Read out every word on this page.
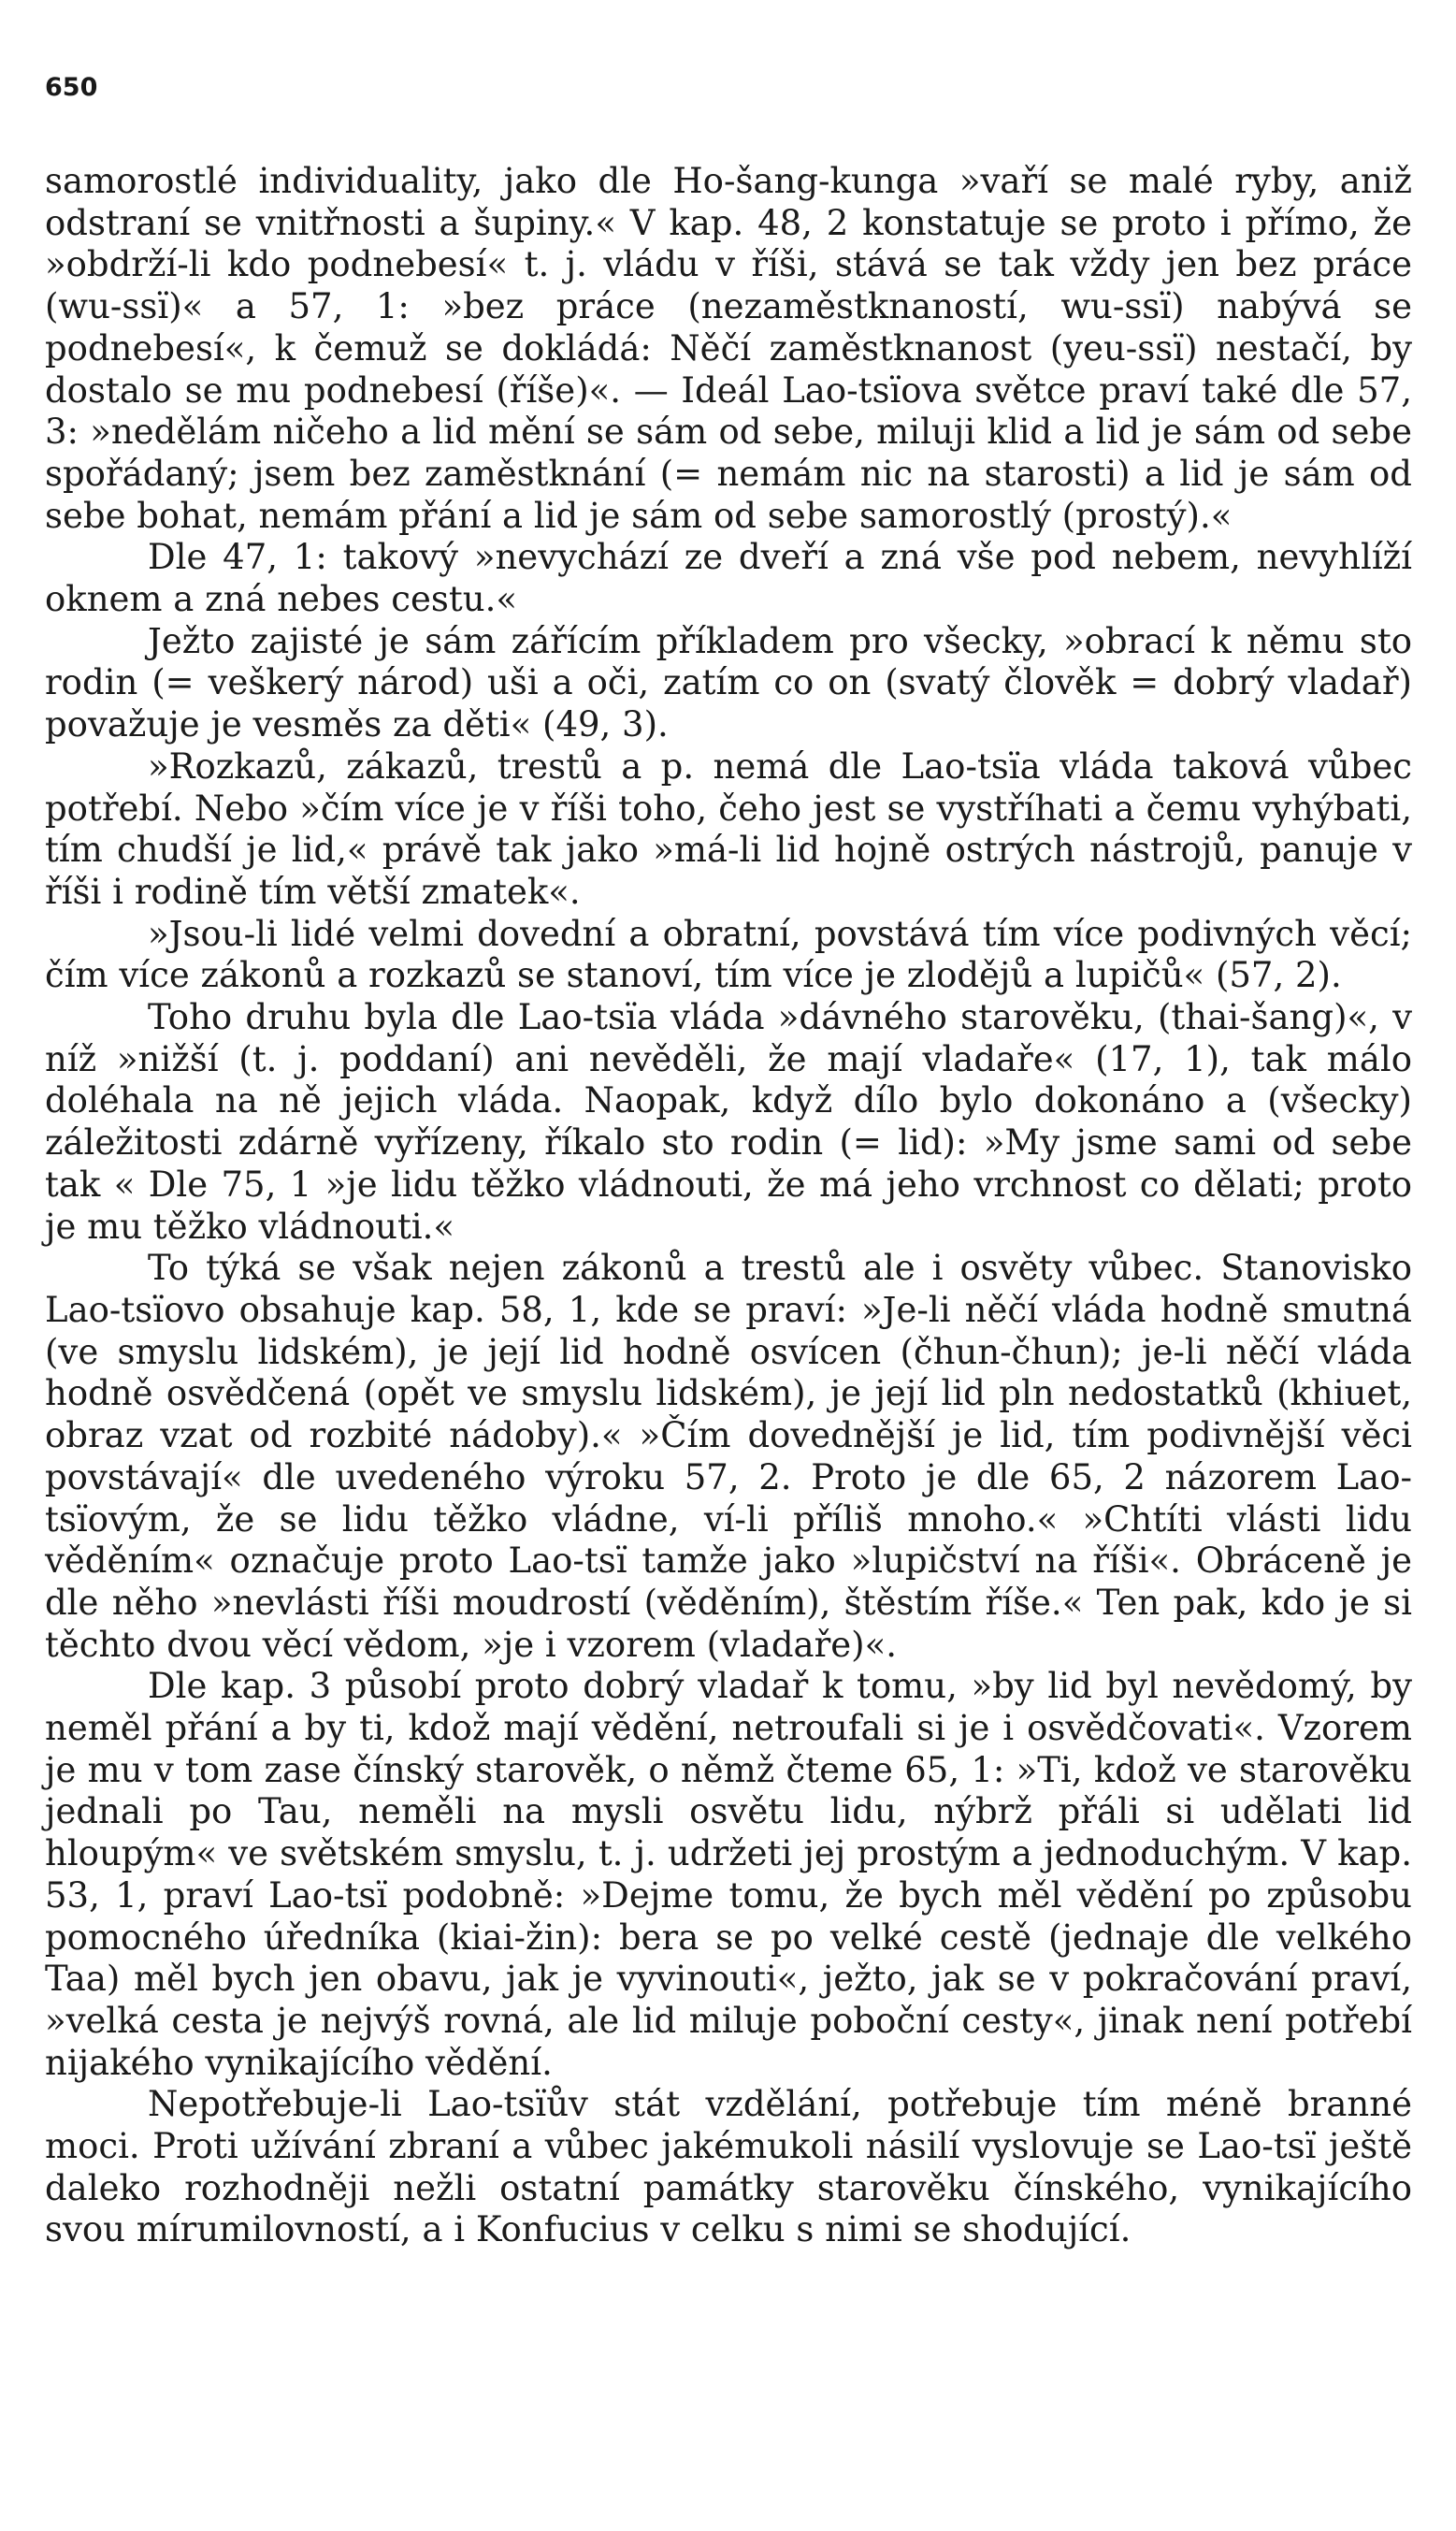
650

samorostlé individuality, jako dle Ho-šang-kunga »vaří se malé ryby, aniž odstraní se vnitřnosti a šupiny.« V kap. 48, 2 konstatuje se proto i přímo, že »obdrží-li kdo podnebesí« t. j. vládu v říši, stává se tak vždy jen bez práce (wu-ssï)« a 57, 1: »bez práce (nezaměstknaností, wu-ssï) nabývá se podnebesí«, k čemuž se dokládá: Něčí zaměstknanost (yeu-ssï) nestačí, by dostalo se mu podnebesí (říše)«. — Ideál Lao-tsïova světce praví také dle 57, 3: »nedělám ničeho a lid mění se sám od sebe, miluji klid a lid je sám od sebe spořádaný; jsem bez zaměstknání (= nemám nic na starosti) a lid je sám od sebe bohat, nemám přání a lid je sám od sebe samorostlý (prostý).«

Dle 47, 1: takový »nevychází ze dveří a zná vše pod nebem, nevyhlíží oknem a zná nebes cestu.«

Ježto zajisté je sám zářícím příkladem pro všecky, »obrací k němu sto rodin (= veškerý národ) uši a oči, zatím co on (svatý člověk = dobrý vladař) považuje je vesměs za děti« (49, 3).

»Rozkazů, zákazů, trestů a p. nemá dle Lao-tsïa vláda taková vůbec potřebí. Nebo »čím více je v říši toho, čeho jest se vystříhati a čemu vyhýbati, tím chudší je lid,« právě tak jako »má-li lid hojně ostrých nástrojů, panuje v říši i rodině tím větší zmatek«.

»Jsou-li lidé velmi dovední a obratní, povstává tím více podivných věcí; čím více zákonů a rozkazů se stanoví, tím více je zlodějů a lupičů« (57, 2).

Toho druhu byla dle Lao-tsïa vláda »dávného starověku, (thai-šang)«, v níž »nižší (t. j. poddaní) ani nevěděli, že mají vladaře« (17, 1), tak málo doléhala na ně jejich vláda. Naopak, když dílo bylo dokonáno a (všecky) záležitosti zdárně vyřízeny, říkalo sto rodin (= lid): »My jsme sami od sebe tak « Dle 75, 1 »je lidu těžko vládnouti, že má jeho vrchnost co dělati; proto je mu těžko vládnouti.«

To týká se však nejen zákonů a trestů ale i osvěty vůbec. Stanovisko Lao-tsïovo obsahuje kap. 58, 1, kde se praví: »Je-li něčí vláda hodně smutná (ve smyslu lidském), je její lid hodně osvícen (čhun-čhun); je-li něčí vláda hodně osvědčená (opět ve smyslu lidském), je její lid pln nedostatků (khiuet, obraz vzat od rozbité nádoby).« »Čím dovednější je lid, tím podivnější věci povstávají« dle uvedeného výroku 57, 2. Proto je dle 65, 2 názorem Lao-tsïovým, že se lidu těžko vládne, ví-li příliš mnoho.« »Chtíti vlásti lidu věděním« označuje proto Lao-tsï tamže jako »lupičství na říši«. Obráceně je dle něho »nevlásti říši moudrostí (věděním), štěstím říše.« Ten pak, kdo je si těchto dvou věcí vědom, »je i vzorem (vladaře)«.

Dle kap. 3 působí proto dobrý vladař k tomu, »by lid byl nevědomý, by neměl přání a by ti, kdož mají vědění, netroufali si je i osvědčovati«. Vzorem je mu v tom zase čínský starověk, o němž čteme 65, 1: »Ti, kdož ve starověku jednali po Tau, neměli na mysli osvětu lidu, nýbrž přáli si udělati lid hloupým« ve světském smyslu, t. j. udržeti jej prostým a jednoduchým. V kap. 53, 1, praví Lao-tsï podobně: »Dejme tomu, že bych měl vědění po způsobu pomocného úředníka (kiai-žin): bera se po velké cestě (jednaje dle velkého Taa) měl bych jen obavu, jak je vyvinouti«, ježto, jak se v pokračování praví, »velká cesta je nejvýš rovná, ale lid miluje poboční cesty«, jinak není potřebí nijakého vynikajícího vědění.

Nepotřebuje-li Lao-tsïův stát vzdělání, potřebuje tím méně branné moci. Proti užívání zbraní a vůbec jakémukoli násilí vyslovuje se Lao-tsï ještě daleko rozhodněji nežli ostatní památky starověku čínského, vynikajícího svou mírumilovností, a i Konfucius v celku s nimi se shodující.
